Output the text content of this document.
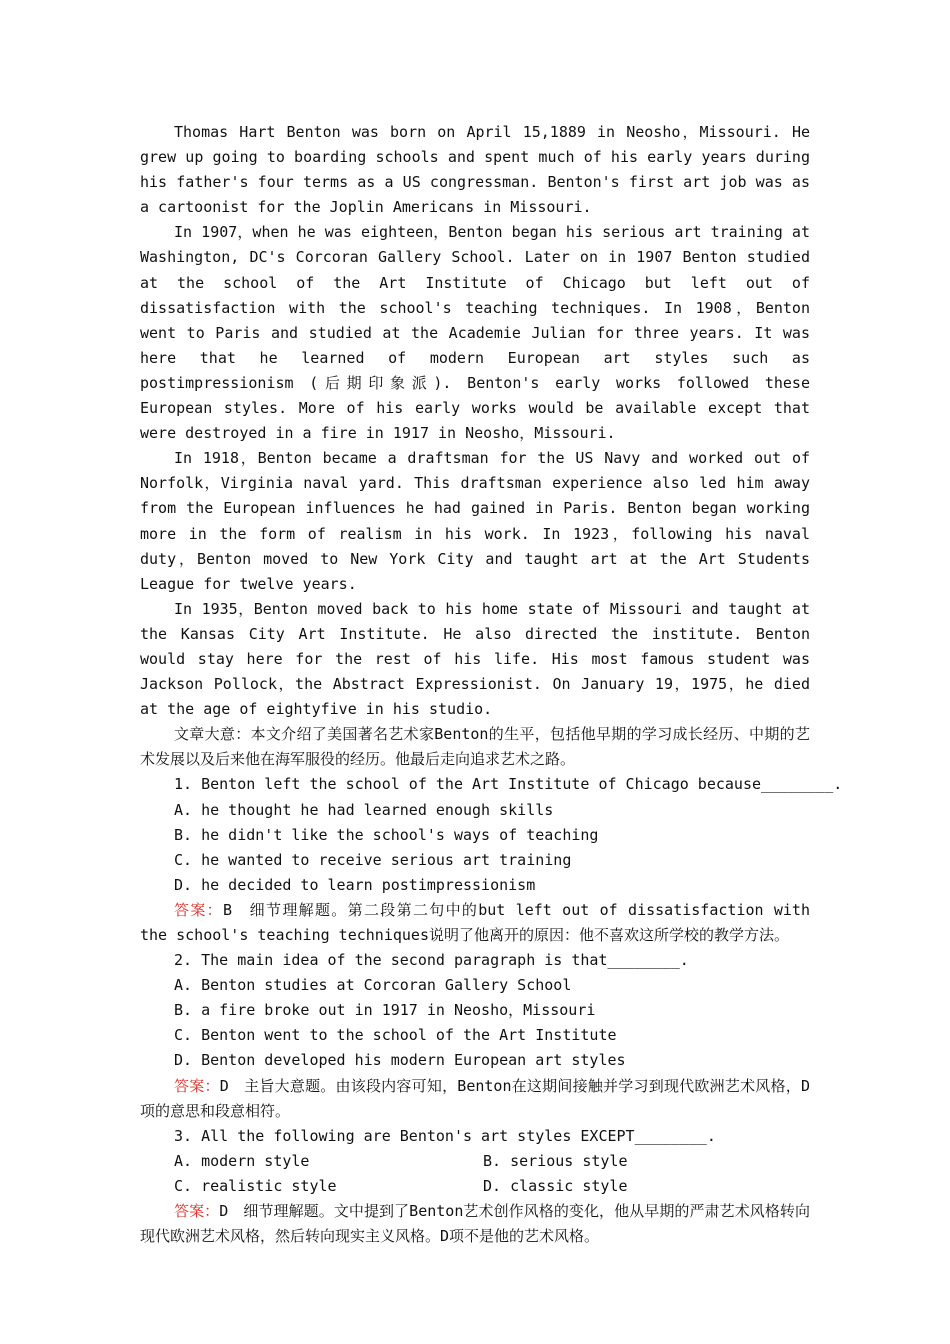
Thomas Hart Benton was born on April 15,1889 in Neosho，Missouri. He grew up going to boarding schools and spent much of his early years during his father's four terms as a US congressman. Benton's first art job was as a cartoonist for the Joplin Americans in Missouri.

In 1907，when he was eighteen，Benton began his serious art training at Washington, DC's Corcoran Gallery School. Later on in 1907 Benton studied at the school of the Art Institute of Chicago but left out of dissatisfaction with the school's teaching techniques. In 1908，Benton went to Paris and studied at the Academie Julian for three years. It was here that he learned of modern European art styles such as postimpressionism (后期印象派). Benton's early works followed these European styles. More of his early works would be available except that were destroyed in a fire in 1917 in Neosho，Missouri.

In 1918，Benton became a draftsman for the US Navy and worked out of Norfolk，Virginia naval yard. This draftsman experience also led him away from the European influences he had gained in Paris. Benton began working more in the form of realism in his work. In 1923，following his naval duty，Benton moved to New York City and taught art at the Art Students League for twelve years.

In 1935，Benton moved back to his home state of Missouri and taught at the Kansas City Art Institute. He also directed the institute. Benton would stay here for the rest of his life. His most famous student was Jackson Pollock，the Abstract Expressionist. On January 19，1975，he died at the age of eightyfive in his studio.

文章大意：本文介绍了美国著名艺术家Benton的生平，包括他早期的学习成长经历、中期的艺术发展以及后来他在海军服役的经历。他最后走向追求艺术之路。

1. Benton left the school of the Art Institute of Chicago because________.

A. he thought he had learned enough skills

B. he didn't like the school's ways of teaching

C. he wanted to receive serious art training

D. he decided to learn postimpressionism

答案：B　细节理解题。第二段第二句中的but left out of dissatisfaction with the school's teaching techniques说明了他离开的原因：他不喜欢这所学校的教学方法。

2. The main idea of the second paragraph is that________.

A. Benton studies at Corcoran Gallery School

B. a fire broke out in 1917 in Neosho，Missouri

C. Benton went to the school of the Art Institute

D. Benton developed his modern European art styles

答案：D　主旨大意题。由该段内容可知，Benton在这期间接触并学习到现代欧洲艺术风格，D项的意思和段意相符。

3. All the following are Benton's art styles EXCEPT________.

A. modern style	B. serious style
C. realistic style	D. classic style

答案：D　细节理解题。文中提到了Benton艺术创作风格的变化，他从早期的严肃艺术风格转向现代欧洲艺术风格，然后转向现实主义风格。D项不是他的艺术风格。
